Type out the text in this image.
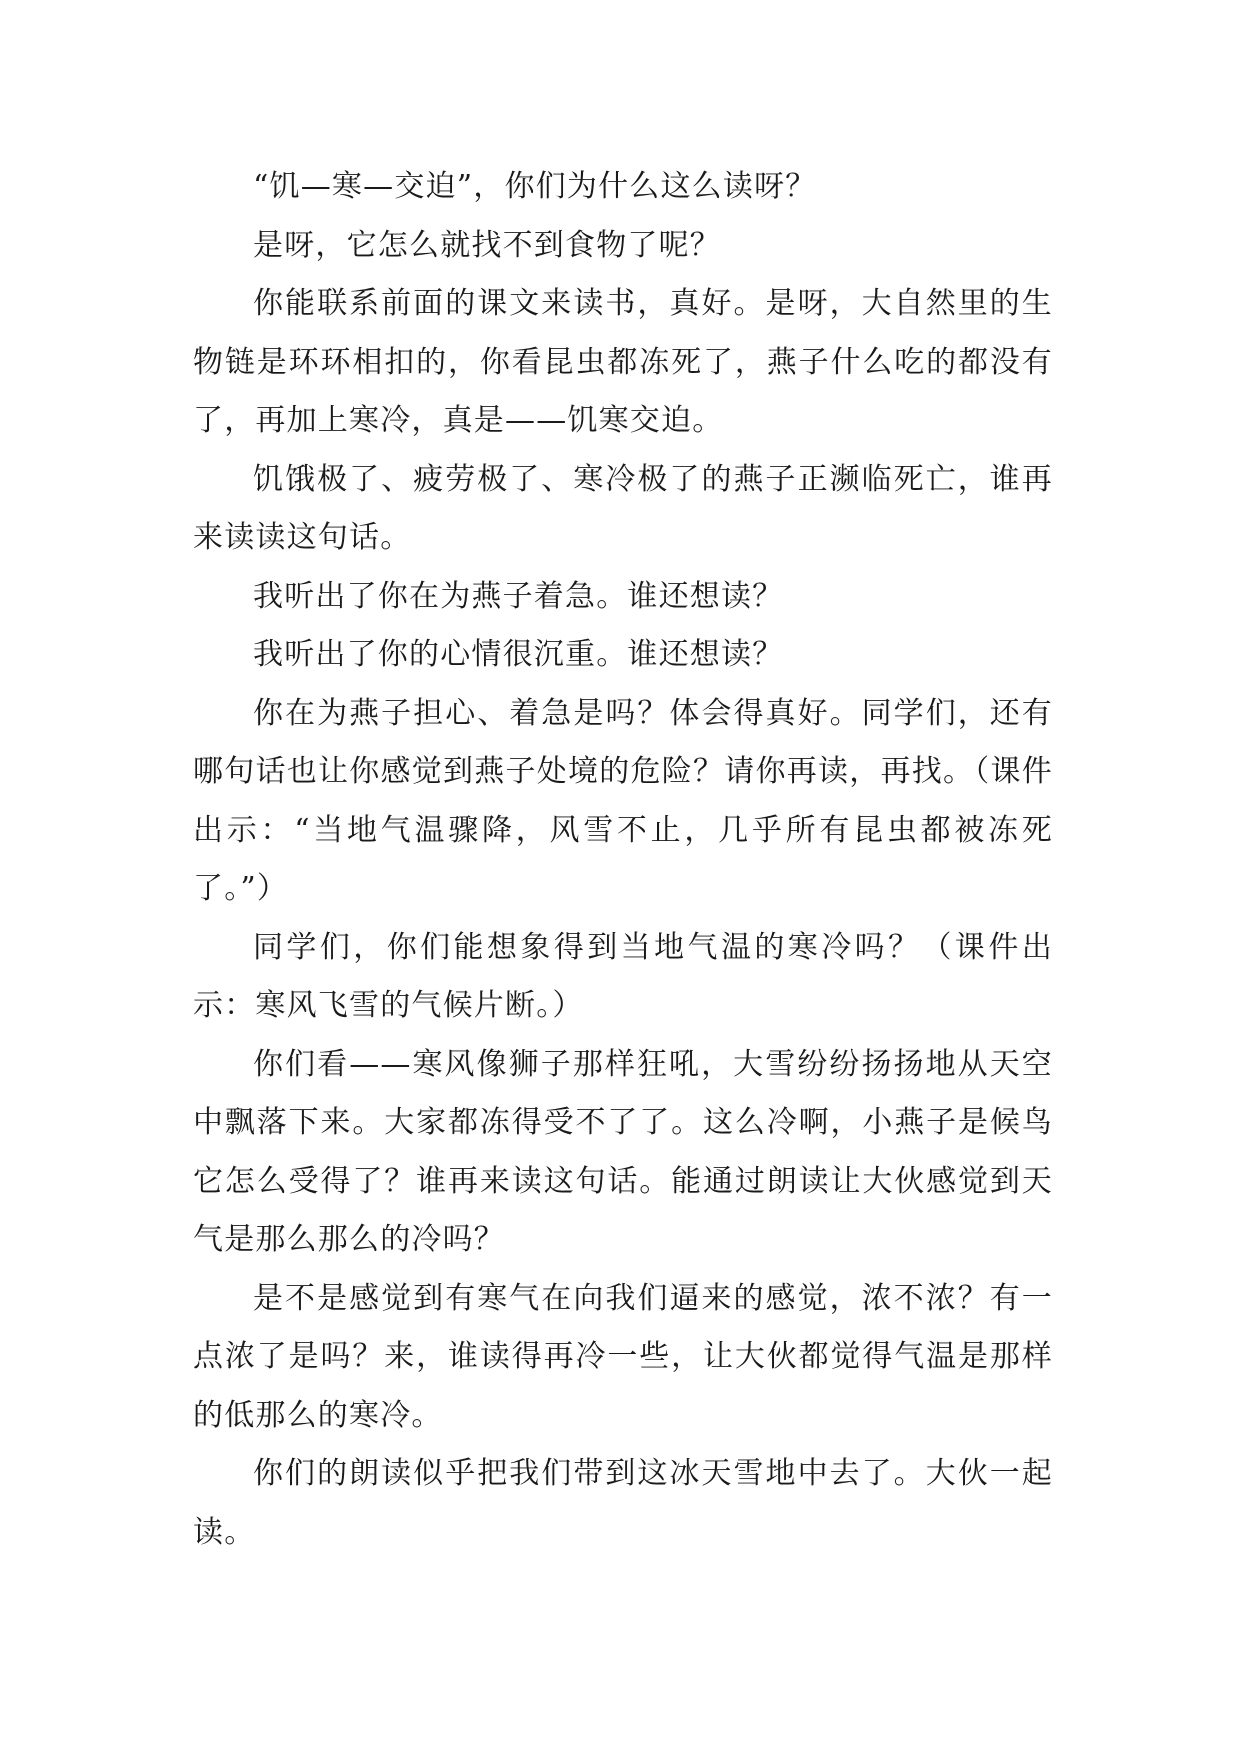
“饥—寒—交迫”，你们为什么这么读呀？

是呀，它怎么就找不到食物了呢？

你能联系前面的课文来读书，真好。是呀，大自然里的生物链是环环相扣的，你看昆虫都冻死了，燕子什么吃的都没有了，再加上寒冷，真是——饥寒交迫。

饥饿极了、疲劳极了、寒冷极了的燕子正濒临死亡，谁再来读读这句话。

我听出了你在为燕子着急。谁还想读？

我听出了你的心情很沉重。谁还想读？

你在为燕子担心、着急是吗？体会得真好。同学们，还有哪句话也让你感觉到燕子处境的危险？请你再读，再找。（课件出示：“当地气温骤降，风雪不止，几乎所有昆虫都被冻死了。”）

同学们，你们能想象得到当地气温的寒冷吗？（课件出示：寒风飞雪的气候片断。）

你们看——寒风像狮子那样狂吼，大雪纷纷扬扬地从天空中飘落下来。大家都冻得受不了了。这么冷啊，小燕子是候鸟它怎么受得了？谁再来读这句话。能通过朗读让大伙感觉到天气是那么那么的冷吗？

是不是感觉到有寒气在向我们逼来的感觉，浓不浓？有一点浓了是吗？来，谁读得再冷一些，让大伙都觉得气温是那样的低那么的寒冷。

你们的朗读似乎把我们带到这冰天雪地中去了。大伙一起读。
